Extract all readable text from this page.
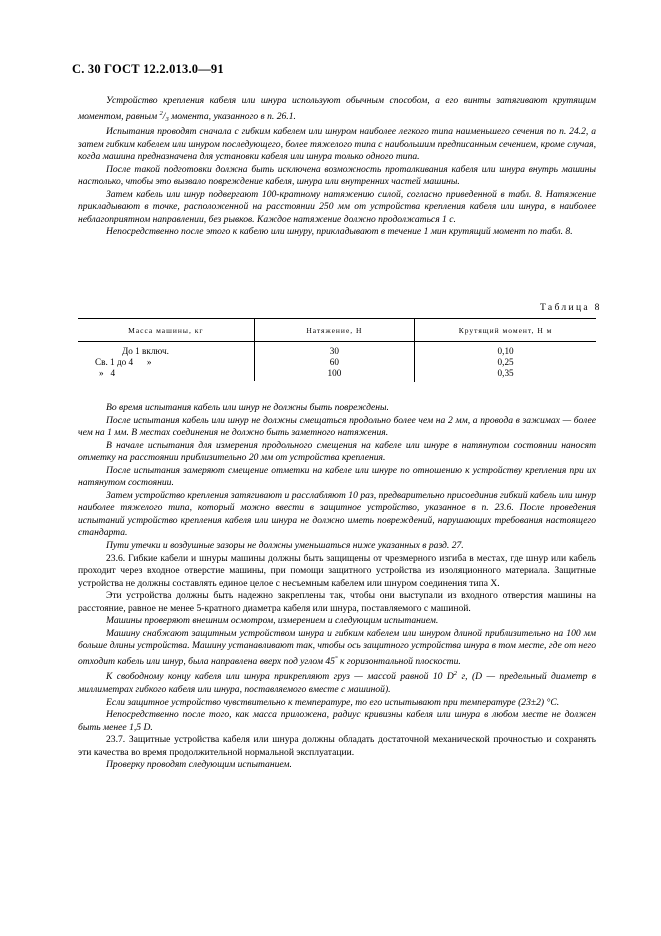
С. 30 ГОСТ 12.2.013.0—91

Устройство крепления кабеля или шнура используют обычным способом, а его винты затягивают крутящим моментом, равным $^2/_3$ момента, указанного в п. 26.1.

Испытания проводят сначала с гибким кабелем или шнуром наиболее легкого типа наименьшего сечения по п. 24.2, а затем гибким кабелем или шнуром последующего, более тяжелого типа с наибольшим предписанным сечением, кроме случая, когда машина предназначена для установки кабеля или шнура только одного типа.

После такой подготовки должна быть исключена возможность проталкивания кабеля или шнура внутрь машины настолько, чтобы это вызвало повреждение кабеля, шнура или внутренних частей машины.

Затем кабель или шнур подвергают 100-кратному натяжению силой, согласно приведенной в табл. 8. Натяжение прикладывают в точке, расположенной на расстоянии 250 мм от устройства крепления кабеля или шнура, в наиболее неблагоприятном направлении, без рывков. Каждое натяжение должно продолжаться 1 с.

Непосредственно после этого к кабелю или шнуру, прикладывают в течение 1 мин крутящий момент по табл. 8.

Таблица 8
Масса машины, кг	Натяжение, Н	Крутящий момент, Н м
До 1 включ.	30	0,10
Св. 1 до 4      »	60	0,25
»   4	100	0,35

Во время испытания кабель или шнур не должны быть повреждены.

После испытания кабель или шнур не должны смещаться продольно более чем на 2 мм, а провода в зажимах — более чем на 1 мм. В местах соединения не должно быть заметного натяжения.

В начале испытания для измерения продольного смещения на кабеле или шнуре в натянутом состоянии наносят отметку на расстоянии приблизительно 20 мм от устройства крепления.

После испытания замеряют смещение отметки на кабеле или шнуре по отношению к устройству крепления при их натянутом состоянии.

Затем устройство крепления затягивают и расслабляют 10 раз, предварительно присоединив гибкий кабель или шнур наиболее тяжелого типа, который можно ввести в защитное устройство, указанное в п. 23.6. После проведения испытаний устройство крепления кабеля или шнура не должно иметь повреждений, нарушающих требования настоящего стандарта.

Пути утечки и воздушные зазоры не должны уменьшаться ниже указанных в разд. 27.

23.6. Гибкие кабели и шнуры машины должны быть защищены от чрезмерного изгиба в местах, где шнур или кабель проходит через входное отверстие машины, при помощи защитного устройства из изоляционного материала. Защитные устройства не должны составлять единое целое с несъемным кабелем или шнуром соединения типа X.

Эти устройства должны быть надежно закреплены так, чтобы они выступали из входного отверстия машины на расстояние, равное не менее 5-кратного диаметра кабеля или шнура, поставляемого с машиной.

Машины проверяют внешним осмотром, измерением и следующим испытанием.

Машину снабжают защитным устройством шнура и гибким кабелем или шнуром длиной приблизительно на 100 мм больше длины устройства. Машину устанавливают так, чтобы ось защитного устройства шнура в том месте, где от него отходит кабель или шнур, была направлена вверх под углом 45° к горизонтальной плоскости.

К свободному концу кабеля или шнура прикрепляют груз — массой равной 10 $D^2$ г, (D — предельный диаметр в миллиметрах гибкого кабеля или шнура, поставляемого вместе с машиной).

Если защитное устройство чувствительно к температуре, то его испытывают при температуре (23±2) °С.

Непосредственно после того, как масса приложена, радиус кривизны кабеля или шнура в любом месте не должен быть менее 1,5 D.

23.7. Защитные устройства кабеля или шнура должны обладать достаточной механической прочностью и сохранять эти качества во время продолжительной нормальной эксплуатации.

Проверку проводят следующим испытанием.
